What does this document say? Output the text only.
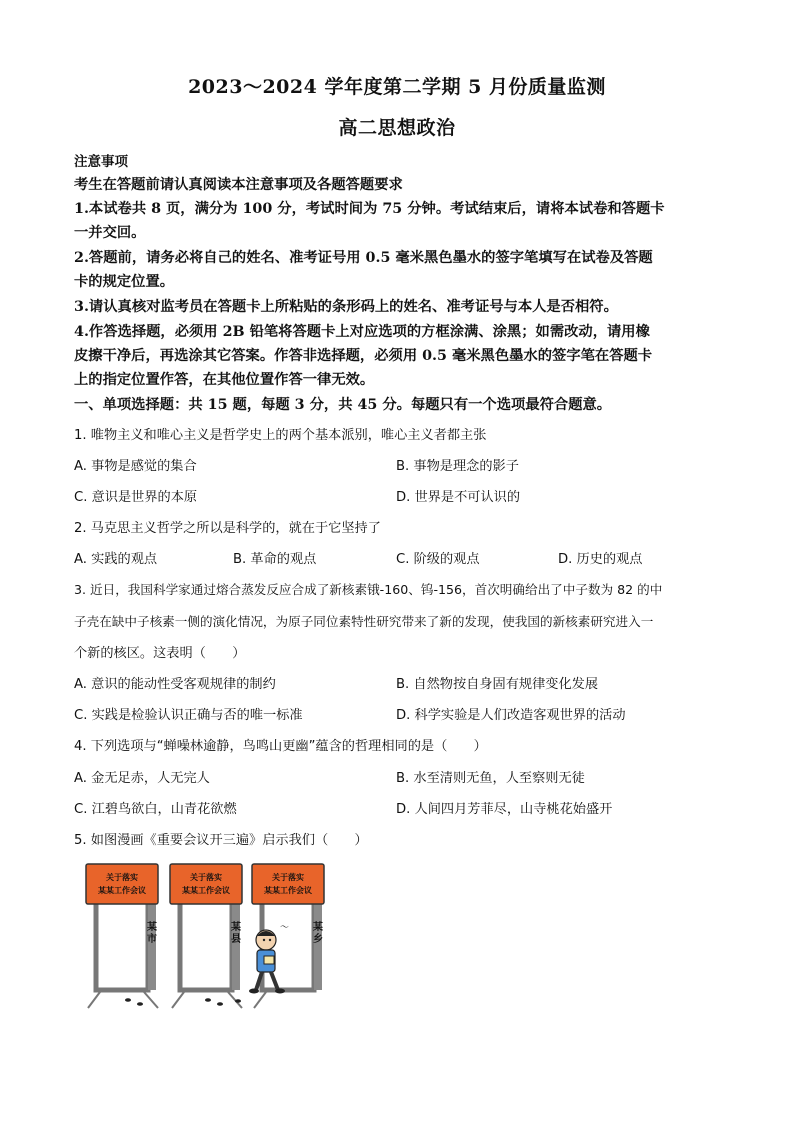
2023～2024 学年度第二学期 5 月份质量监测
高二思想政治
注意事项
考生在答题前请认真阅读本注意事项及各题答题要求
1.本试卷共 8 页，满分为 100 分，考试时间为 75 分钟。考试结束后，请将本试卷和答题卡
一并交回。
2.答题前，请务必将自己的姓名、准考证号用 0.5 毫米黑色墨水的签字笔填写在试卷及答题
卡的规定位置。
3.请认真核对监考员在答题卡上所粘贴的条形码上的姓名、准考证号与本人是否相符。
4.作答选择题，必须用 2B 铅笔将答题卡上对应选项的方框涂满、涂黑；如需改动，请用橡
皮擦干净后，再选涂其它答案。作答非选择题，必须用 0.5 毫米黑色墨水的签字笔在答题卡
上的指定位置作答，在其他位置作答一律无效。
一、单项选择题：共 15 题，每题 3 分，共 45 分。每题只有一个选项最符合题意。
1. 唯物主义和唯心主义是哲学史上的两个基本派别，唯心主义者都主张
A. 事物是感觉的集合	B. 事物是理念的影子
C. 意识是世界的本原	D. 世界是不可认识的
2. 马克思主义哲学之所以是科学的，就在于它坚持了
A. 实践的观点	B. 革命的观点	C. 阶级的观点	D. 历史的观点
3. 近日，我国科学家通过熔合蒸发反应合成了新核素锇-160、钨-156，首次明确给出了中子数为 82 的中
子壳在缺中子核素一侧的演化情况，为原子同位素特性研究带来了新的发现，使我国的新核素研究进入一
个新的核区。这表明（　　）
A. 意识的能动性受客观规律的制约	B. 自然物按自身固有规律变化发展
C. 实践是检验认识正确与否的唯一标准	D. 科学实验是人们改造客观世界的活动
4. 下列选项与“蝉噪林逾静，鸟鸣山更幽”蕴含的哲理相同的是（　　）
A. 金无足赤，人无完人	B. 水至清则无鱼，人至察则无徒
C. 江碧鸟欲白，山青花欲燃	D. 人间四月芳菲尽，山寺桃花始盛开
5. 如图漫画《重要会议开三遍》启示我们（　　）
关于落实
某某工作会议
关于落实
某某工作会议
关于落实
某某工作会议
某市
某县
某乡
～
